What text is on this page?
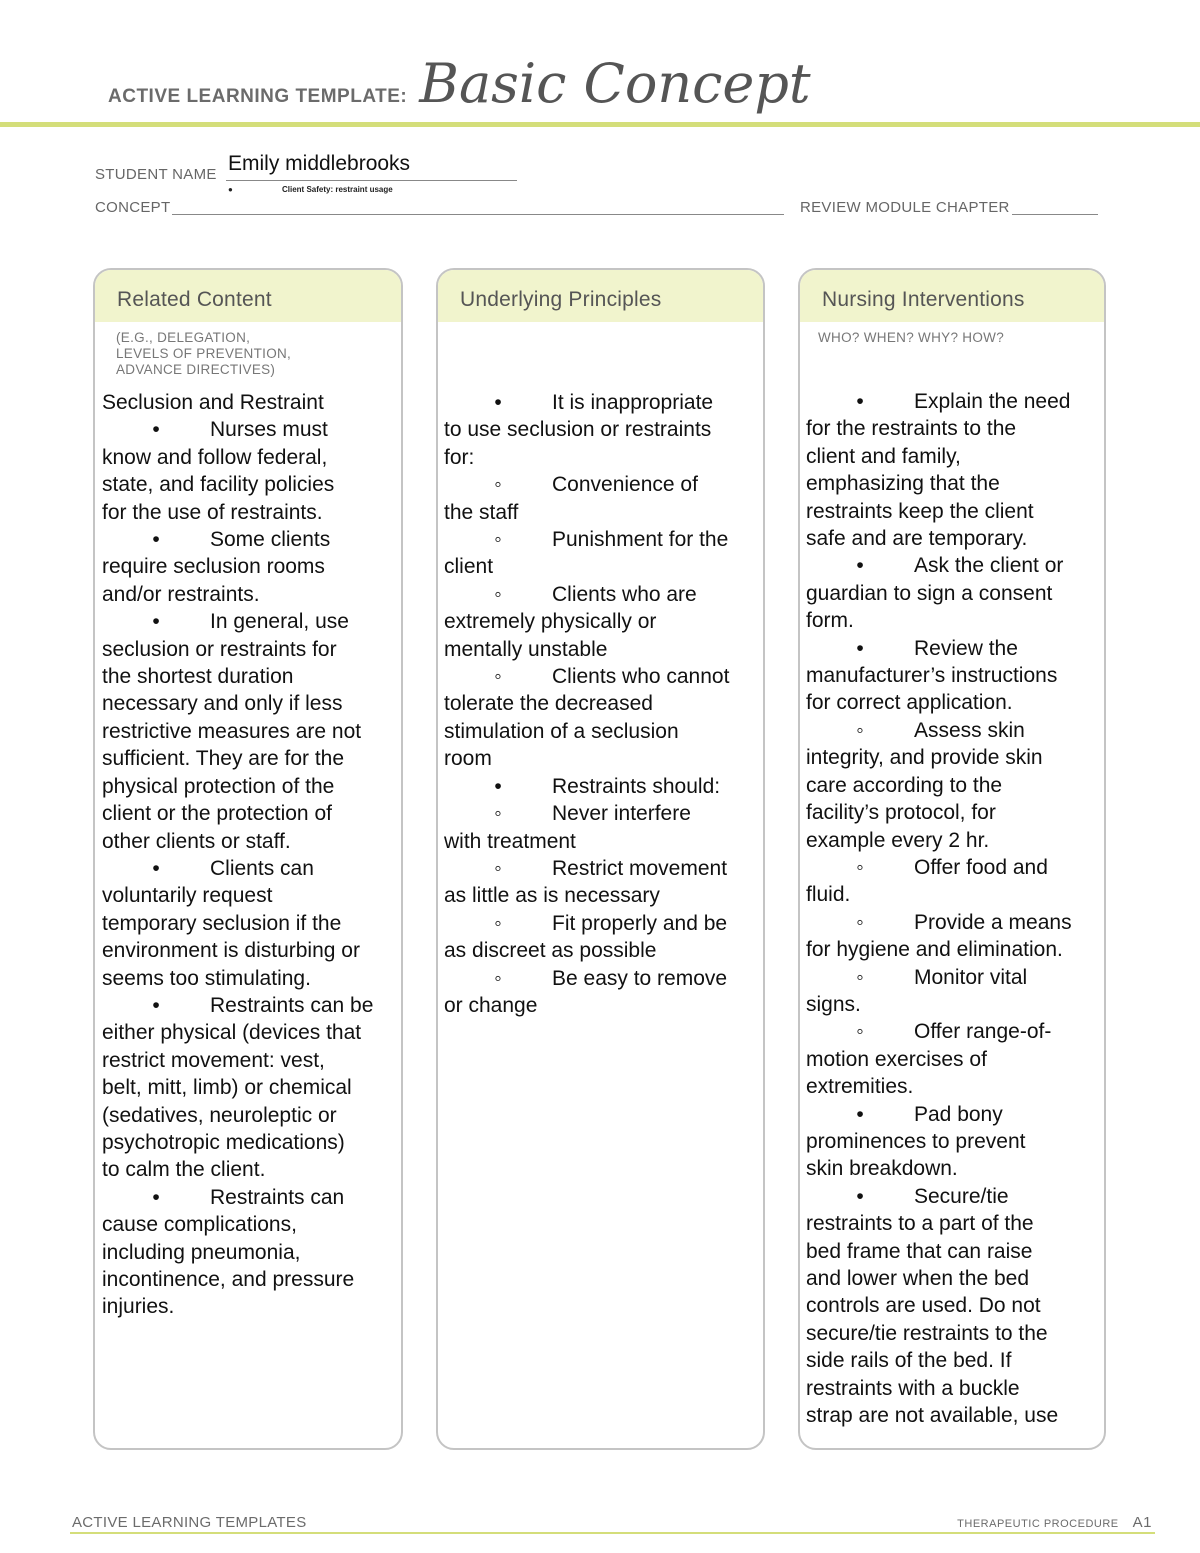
ACTIVE LEARNING TEMPLATE: Basic Concept
STUDENT NAME Emily middlebrooks
●	Client Safety: restraint usage
CONCEPT	REVIEW MODULE CHAPTER
Related Content
(E.G., DELEGATION,
LEVELS OF PREVENTION,
ADVANCE DIRECTIVES)

Seclusion and Restraint

• Nurses must

know and follow federal,

state, and facility policies

for the use of restraints.

• Some clients

require seclusion rooms

and/or restraints.

• In general, use

seclusion or restraints for

the shortest duration

necessary and only if less

restrictive measures are not

sufficient. They are for the

physical protection of the

client or the protection of

other clients or staff.

• Clients can

voluntarily request

temporary seclusion if the

environment is disturbing or

seems too stimulating.

• Restraints can be

either physical (devices that

restrict movement: vest,

belt, mitt, limb) or chemical

(sedatives, neuroleptic or

psychotropic medications)

to calm the client.

• Restraints can

cause complications,

including pneumonia,

incontinence, and pressure

injuries.

Underlying Principles

• It is inappropriate

to use seclusion or restraints

for:

◦ Convenience of

the staff

◦ Punishment for the

client

◦ Clients who are

extremely physically or

mentally unstable

◦ Clients who cannot

tolerate the decreased

stimulation of a seclusion

room

• Restraints should:

◦ Never interfere

with treatment

◦ Restrict movement

as little as is necessary

◦ Fit properly and be

as discreet as possible

◦ Be easy to remove

or change

Nursing Interventions
WHO? WHEN? WHY? HOW?

• Explain the need

for the restraints to the

client and family,

emphasizing that the

restraints keep the client

safe and are temporary.

• Ask the client or

guardian to sign a consent

form.

• Review the

manufacturer’s instructions

for correct application.

◦ Assess skin

integrity, and provide skin

care according to the

facility’s protocol, for

example every 2 hr.

◦ Offer food and

fluid.

◦ Provide a means

for hygiene and elimination.

◦ Monitor vital

signs.

◦ Offer range-of-

motion exercises of

extremities.

• Pad bony

prominences to prevent

skin breakdown.

• Secure/tie

restraints to a part of the

bed frame that can raise

and lower when the bed

controls are used. Do not

secure/tie restraints to the

side rails of the bed. If

restraints with a buckle

strap are not available, use

ACTIVE LEARNING TEMPLATES	THERAPEUTIC PROCEDURE A1
